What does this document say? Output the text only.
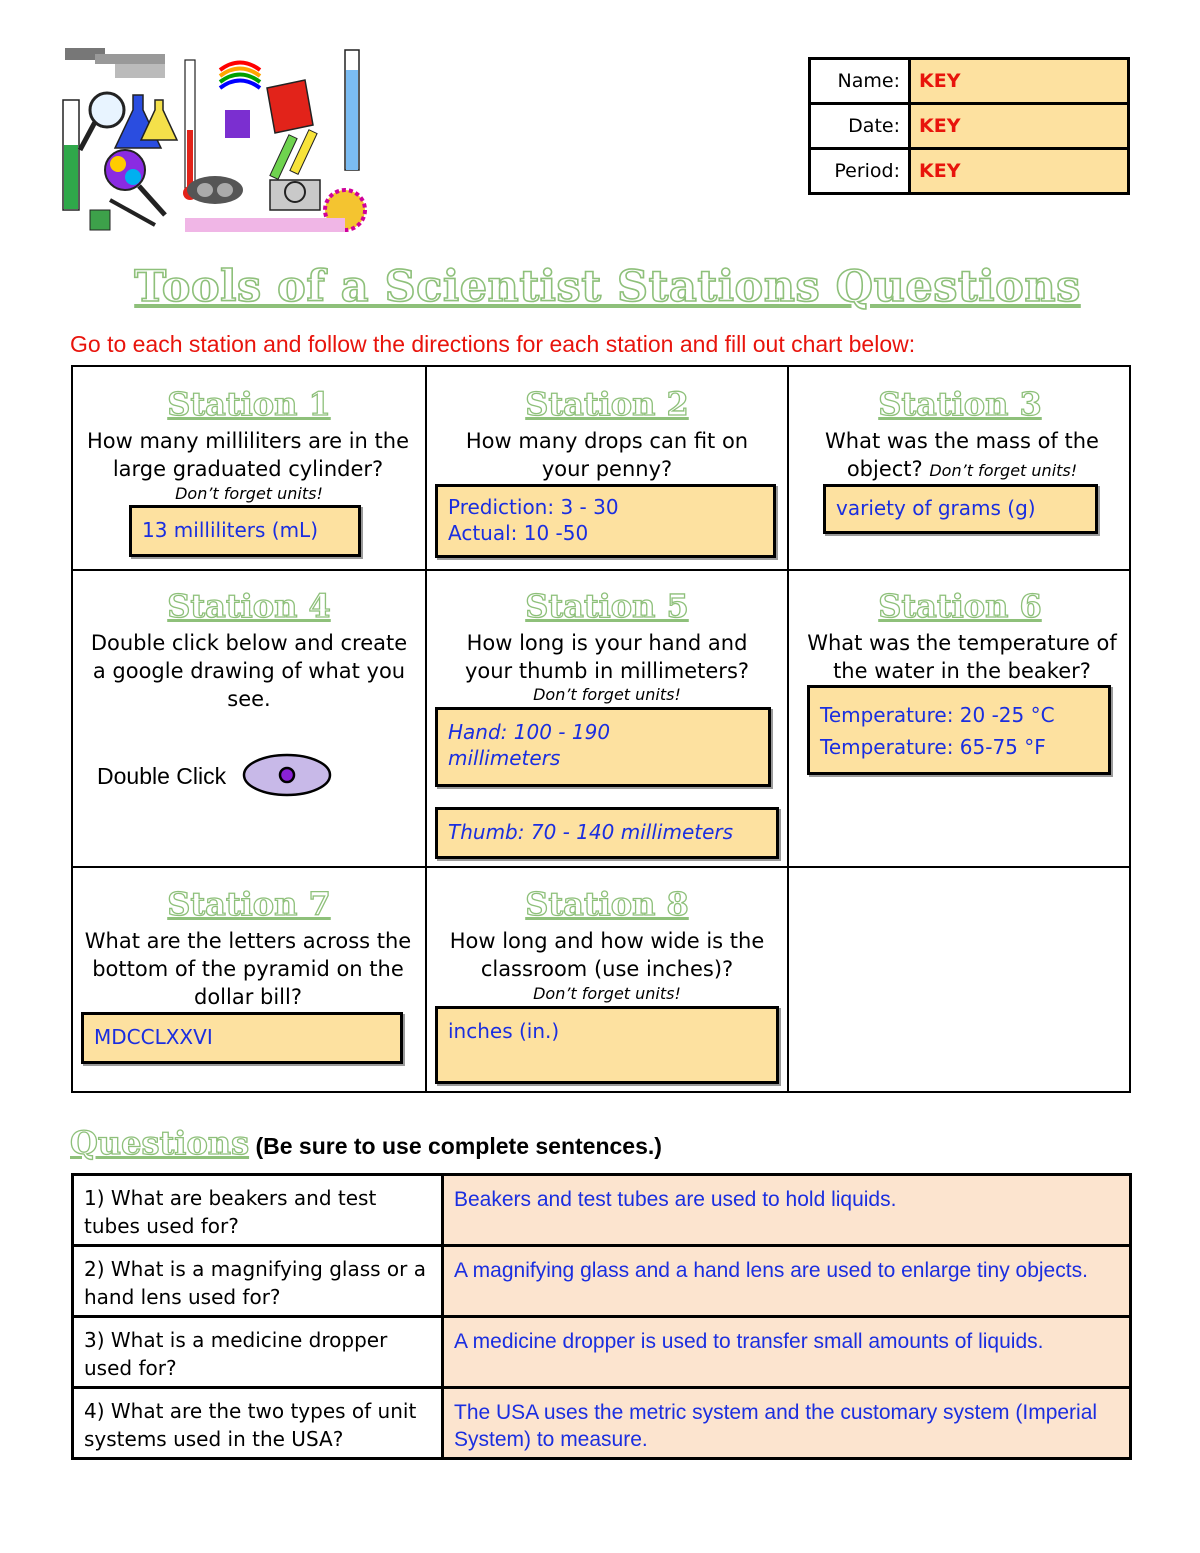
Name:	KEY
Date:	KEY
Period:	KEY
Tools of a Scientist Stations Questions
Go to each station and follow the directions for each station and fill out chart below:
Station 1
How many milliliters are in the large graduated cylinder?
Don’t forget units!
13 milliliters (mL)
Station 2
How many drops can fit on your penny?
Prediction: 3 - 30
Actual: 10 -50
Station 3
What was the mass of the
object? Don’t forget units!
variety of grams (g)
Station 4
Double click below and create a google drawing of what you see.
Double Click
Station 5
How long is your hand and your thumb in millimeters?
Don’t forget units!
Hand: 100 - 190 millimeters
Thumb: 70 - 140 millimeters
Station 6
What was the temperature of the water in the beaker?
Temperature: 20 -25 °C
Temperature: 65-75 °F
Station 7
What are the letters across the bottom of the pyramid on the dollar bill?
MDCCLXXVI
Station 8
How long and how wide is the classroom (use inches)?
Don’t forget units!
inches (in.)
Questions (Be sure to use complete sentences.)
1) What are beakers and test tubes used for?	Beakers and test tubes are used to hold liquids.
2) What is a magnifying glass or a hand lens used for?	A magnifying glass and a hand lens are used to enlarge tiny objects.
3) What is a medicine dropper used for?	A medicine dropper is used to transfer small amounts of liquids.
4) What are the two types of unit systems used in the USA?	The USA uses the metric system and the customary system (Imperial System) to measure.
